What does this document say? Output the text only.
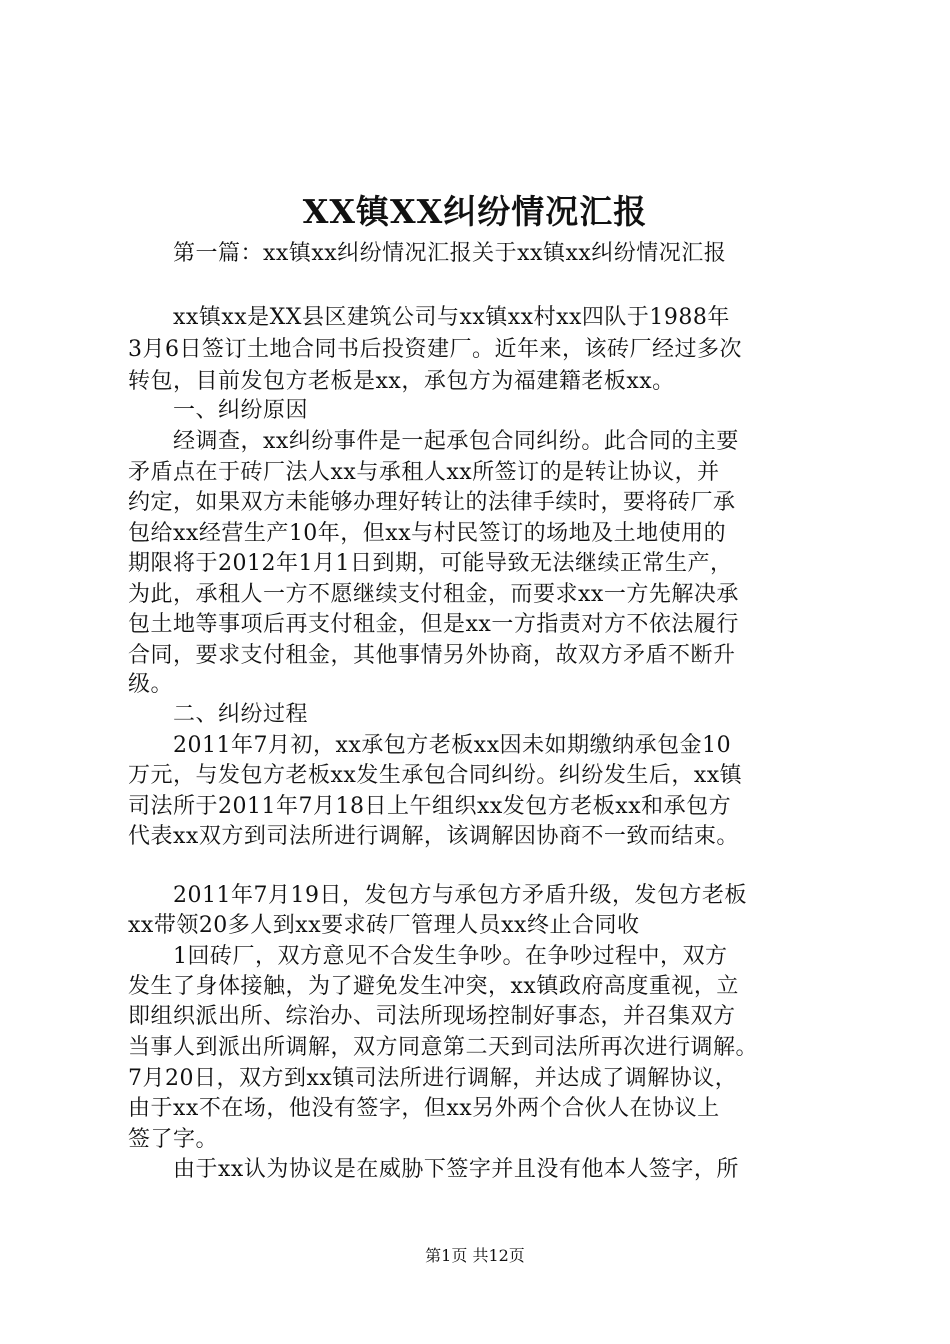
XX镇XX纠纷情况汇报
　　第一篇：xx镇xx纠纷情况汇报关于xx镇xx纠纷情况汇报
　　xx镇xx是XX县区建筑公司与xx镇xx村xx四队于1988年
3月6日签订土地合同书后投资建厂。近年来，该砖厂经过多次
转包，目前发包方老板是xx，承包方为福建籍老板xx。
　　一、纠纷原因
　　经调查，xx纠纷事件是一起承包合同纠纷。此合同的主要
矛盾点在于砖厂法人xx与承租人xx所签订的是转让协议，并
约定，如果双方未能够办理好转让的法律手续时，要将砖厂承
包给xx经营生产10年，但xx与村民签订的场地及土地使用的
期限将于2012年1月1日到期，可能导致无法继续正常生产，
为此，承租人一方不愿继续支付租金，而要求xx一方先解决承
包土地等事项后再支付租金，但是xx一方指责对方不依法履行
合同，要求支付租金，其他事情另外协商，故双方矛盾不断升
级。
　　二、纠纷过程
　　2011年7月初，xx承包方老板xx因未如期缴纳承包金10
万元，与发包方老板xx发生承包合同纠纷。纠纷发生后，xx镇
司法所于2011年7月18日上午组织xx发包方老板xx和承包方
代表xx双方到司法所进行调解，该调解因协商不一致而结束。
　　2011年7月19日，发包方与承包方矛盾升级，发包方老板
xx带领20多人到xx要求砖厂管理人员xx终止合同收
　　1回砖厂，双方意见不合发生争吵。在争吵过程中，双方
发生了身体接触，为了避免发生冲突，xx镇政府高度重视，立
即组织派出所、综治办、司法所现场控制好事态，并召集双方
当事人到派出所调解，双方同意第二天到司法所再次进行调解。
7月20日，双方到xx镇司法所进行调解，并达成了调解协议，
由于xx不在场，他没有签字，但xx另外两个合伙人在协议上
签了字。
　　由于xx认为协议是在威胁下签字并且没有他本人签字，所
第1页 共12页
